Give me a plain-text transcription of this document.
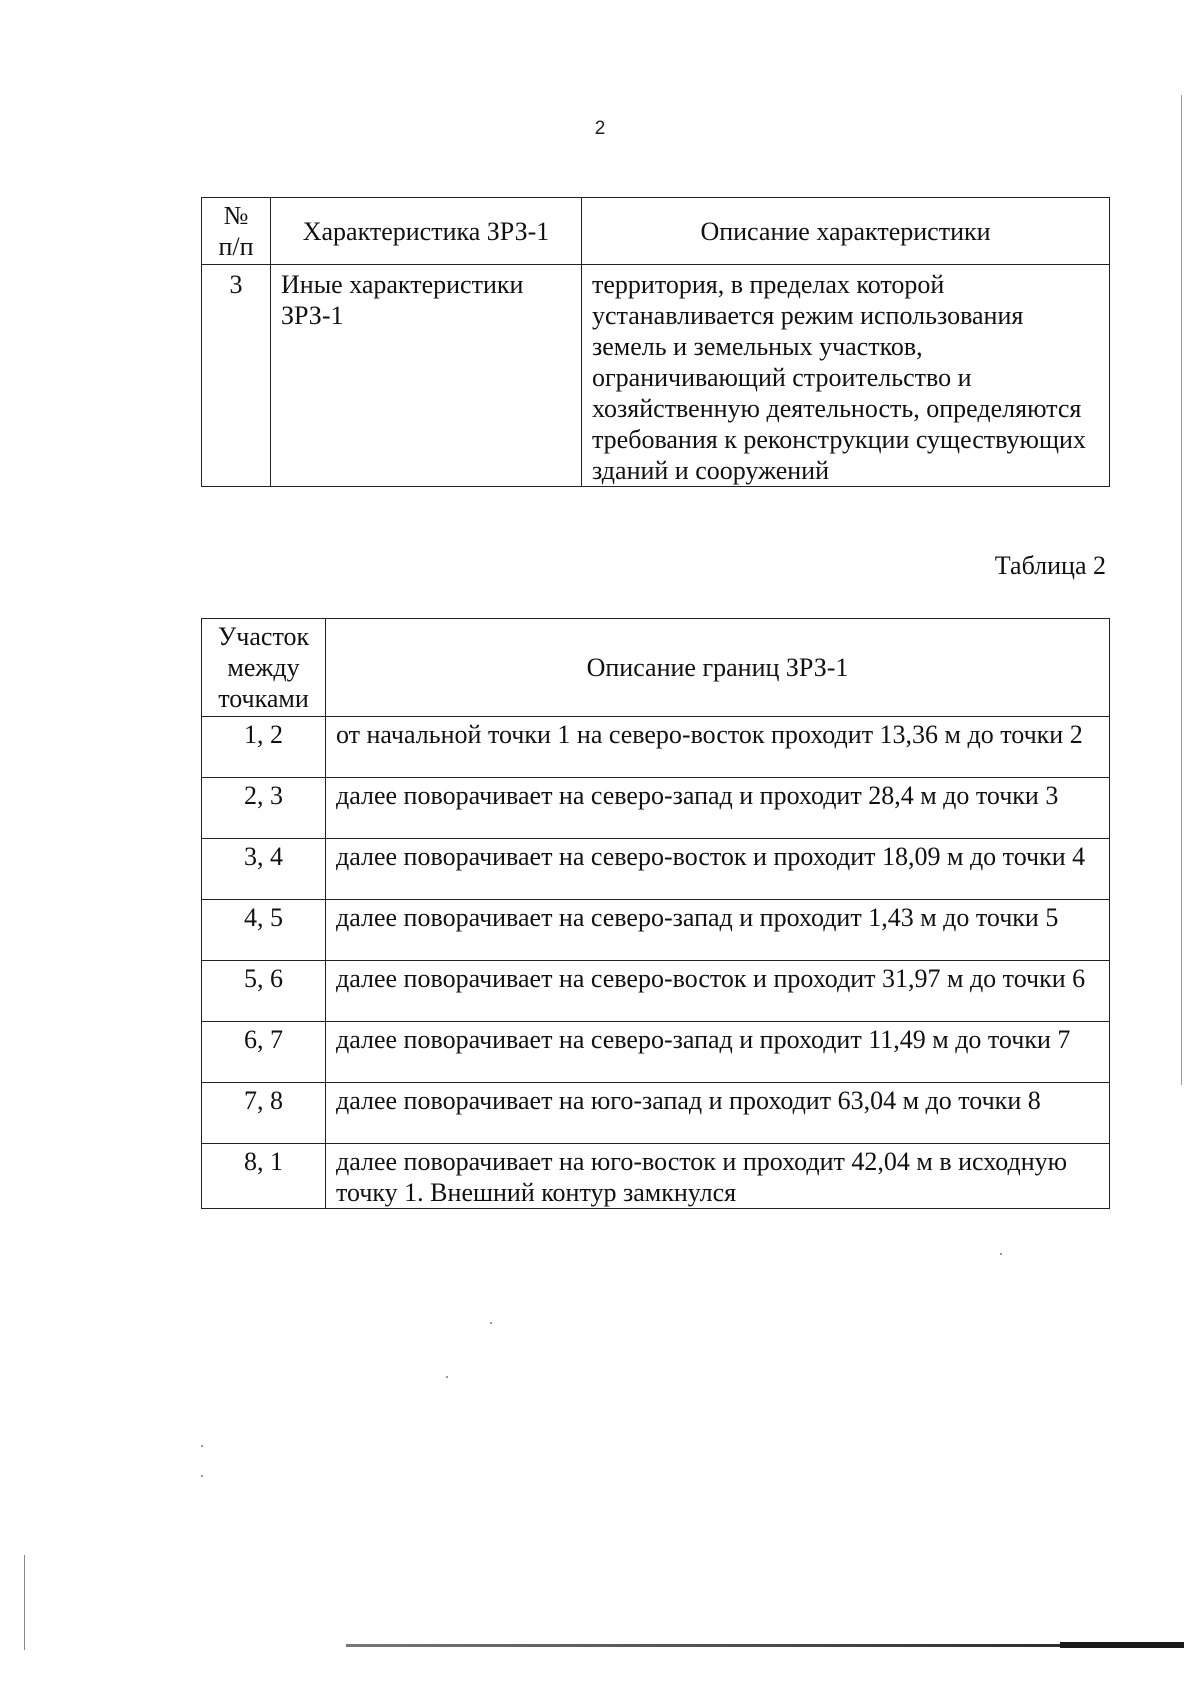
2
№
п/п	Характеристика ЗРЗ-1	Описание характеристики
3	Иные характеристики ЗРЗ-1	территория, в пределах которой устанавливается режим использования земель и земельных участков, ограничивающий строительство и хозяйственную деятельность, определяются требования к реконструкции существующих зданий и сооружений
Таблица 2
Участок между точками	Описание границ ЗРЗ-1
1, 2	от начальной точки 1 на северо-восток проходит 13,36 м до точки 2
2, 3	далее поворачивает на северо-запад и проходит 28,4 м до точки 3
3, 4	далее поворачивает на северо-восток и проходит 18,09 м до точки 4
4, 5	далее поворачивает на северо-запад и проходит 1,43 м до точки 5
5, 6	далее поворачивает на северо-восток и проходит 31,97 м до точки 6
6, 7	далее поворачивает на северо-запад и проходит 11,49 м до точки 7
7, 8	далее поворачивает на юго-запад и проходит 63,04 м до точки 8
8, 1	далее поворачивает на юго-восток и проходит 42,04 м в исходную точку 1. Внешний контур замкнулся
